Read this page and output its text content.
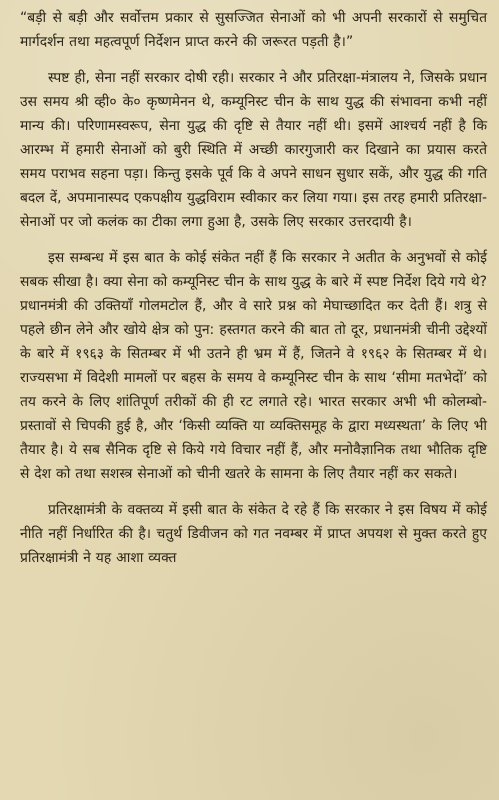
“बड़ी से बड़ी और सर्वोत्तम प्रकार से सुसज्जित सेनाओं को भी अपनी सरकारों से समुचित मार्गदर्शन तथा महत्वपूर्ण निर्देशन प्राप्त करने की जरूरत पड़ती है।”

स्पष्ट ही, सेना नहीं सरकार दोषी रही। सरकार ने और प्रतिरक्षा-मंत्रालय ने, जिसके प्रधान उस समय श्री व्ही० के० कृष्णमेनन थे, कम्यूनिस्ट चीन के साथ युद्ध की संभावना कभी नहीं मान्य की। परिणामस्वरूप, सेना युद्ध की दृष्टि से तैयार नहीं थी। इसमें आश्चर्य नहीं है कि आरम्भ में हमारी सेनाओं को बुरी स्थिति में अच्छी कारगुजारी कर दिखाने का प्रयास करते समय पराभव सहना पड़ा। किन्तु इसके पूर्व कि वे अपने साधन सुधार सकें, और युद्ध की गति बदल दें, अपमानास्पद एकपक्षीय युद्धविराम स्वीकार कर लिया गया। इस तरह हमारी प्रतिरक्षा-सेनाओं पर जो कलंक का टीका लगा हुआ है, उसके लिए सरकार उत्तरदायी है।

इस सम्बन्ध में इस बात के कोई संकेत नहीं हैं कि सरकार ने अतीत के अनुभवों से कोई सबक सीखा है। क्या सेना को कम्यूनिस्ट चीन के साथ युद्ध के बारे में स्पष्ट निर्देश दिये गये थे? प्रधानमंत्री की उक्तियाँ गोलमटोल हैं, और वे सारे प्रश्न को मेघाच्छादित कर देती हैं। शत्रु से पहले छीन लेने और खोये क्षेत्र को पुन: हस्तगत करने की बात तो दूर, प्रधानमंत्री चीनी उद्देश्यों के बारे में १९६३ के सितम्बर में भी उतने ही भ्रम में हैं, जितने वे १९६२ के सितम्बर में थे। राज्यसभा में विदेशी मामलों पर बहस के समय वे कम्यूनिस्ट चीन के साथ ‘सीमा मतभेदों’ को तय करने के लिए शांतिपूर्ण तरीकों की ही रट लगाते रहे। भारत सरकार अभी भी कोलम्बो-प्रस्तावों से चिपकी हुई है, और ‘किसी व्यक्ति या व्यक्तिसमूह के द्वारा मध्यस्थता’ के लिए भी तैयार है। ये सब सैनिक दृष्टि से किये गये विचार नहीं हैं, और मनोवैज्ञानिक तथा भौतिक दृष्टि से देश को तथा सशस्त्र सेनाओं को चीनी खतरे के सामना के लिए तैयार नहीं कर सकते।

प्रतिरक्षामंत्री के वक्तव्य में इसी बात के संकेत दे रहे हैं कि सरकार ने इस विषय में कोई नीति नहीं निर्धारित की है। चतुर्थ डिवीजन को गत नवम्बर में प्राप्त अपयश से मुक्त करते हुए प्रतिरक्षामंत्री ने यह आशा व्यक्त
